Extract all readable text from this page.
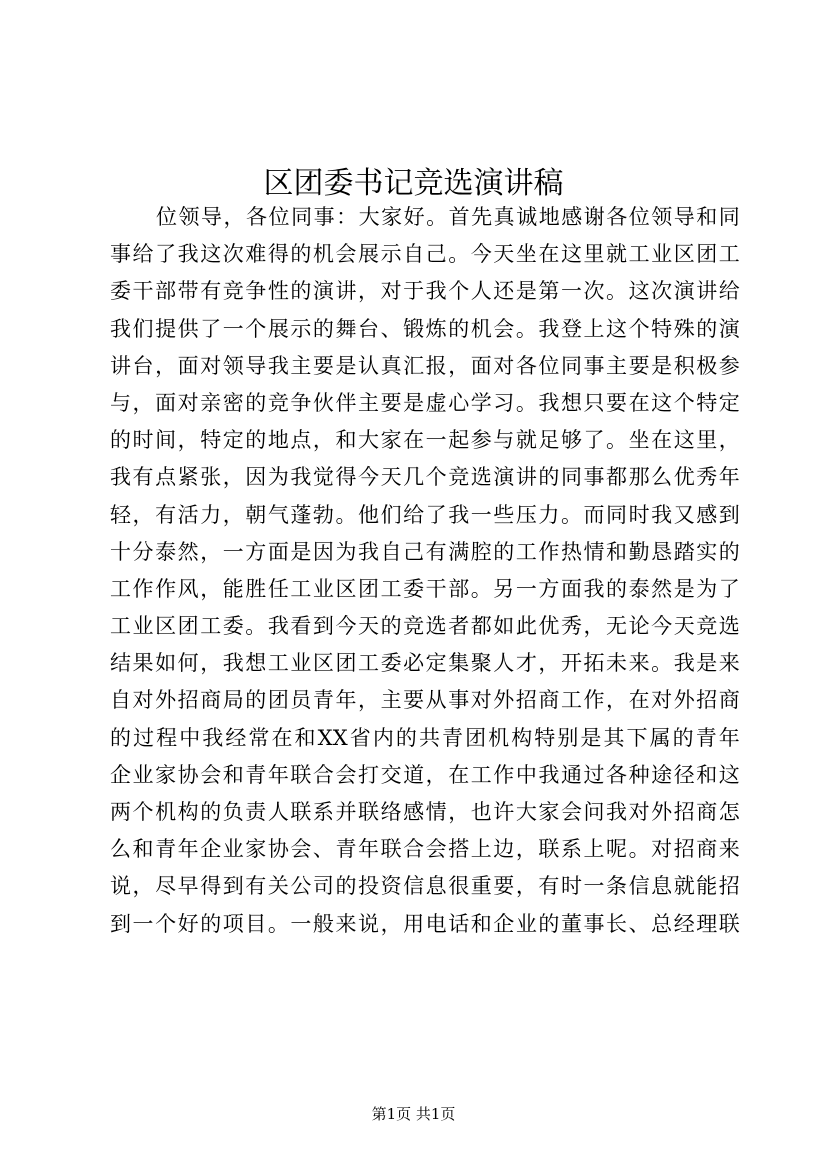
区团委书记竞选演讲稿
位领导，各位同事：大家好。首先真诚地感谢各位领导和同
事给了我这次难得的机会展示自己。今天坐在这里就工业区团工
委干部带有竞争性的演讲，对于我个人还是第一次。这次演讲给
我们提供了一个展示的舞台、锻炼的机会。我登上这个特殊的演
讲台，面对领导我主要是认真汇报，面对各位同事主要是积极参
与，面对亲密的竞争伙伴主要是虚心学习。我想只要在这个特定
的时间，特定的地点，和大家在一起参与就足够了。坐在这里，
我有点紧张，因为我觉得今天几个竞选演讲的同事都那么优秀年
轻，有活力，朝气蓬勃。他们给了我一些压力。而同时我又感到
十分泰然，一方面是因为我自己有满腔的工作热情和勤恳踏实的
工作作风，能胜任工业区团工委干部。另一方面我的泰然是为了
工业区团工委。我看到今天的竞选者都如此优秀，无论今天竞选
结果如何，我想工业区团工委必定集聚人才，开拓未来。我是来
自对外招商局的团员青年，主要从事对外招商工作，在对外招商
的过程中我经常在和XX省内的共青团机构特别是其下属的青年
企业家协会和青年联合会打交道，在工作中我通过各种途径和这
两个机构的负责人联系并联络感情，也许大家会问我对外招商怎
么和青年企业家协会、青年联合会搭上边，联系上呢。对招商来
说，尽早得到有关公司的投资信息很重要，有时一条信息就能招
到一个好的项目。一般来说，用电话和企业的董事长、总经理联
第1页 共1页
